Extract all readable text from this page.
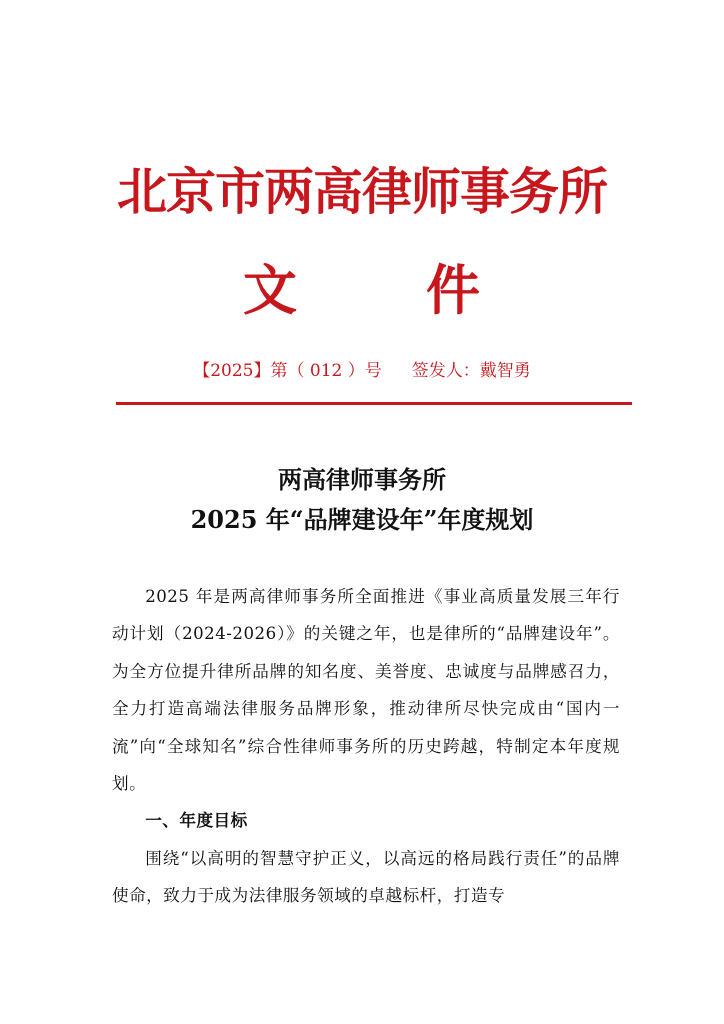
北京市两高律师事务所
文 件
【2025】第（ 012 ）号 签发人：戴智勇
两高律师事务所
2025 年“品牌建设年”年度规划

2025 年是两高律师事务所全面推进《事业高质量发展三年行动计划（2024-2026）》的关键之年，也是律所的“品牌建设年”。为全方位提升律所品牌的知名度、美誉度、忠诚度与品牌感召力，全力打造高端法律服务品牌形象，推动律所尽快完成由“国内一流”向“全球知名”综合性律师事务所的历史跨越，特制定本年度规划。

一、年度目标

围绕“以高明的智慧守护正义，以高远的格局践行责任”的品牌使命，致力于成为法律服务领域的卓越标杆，打造专
